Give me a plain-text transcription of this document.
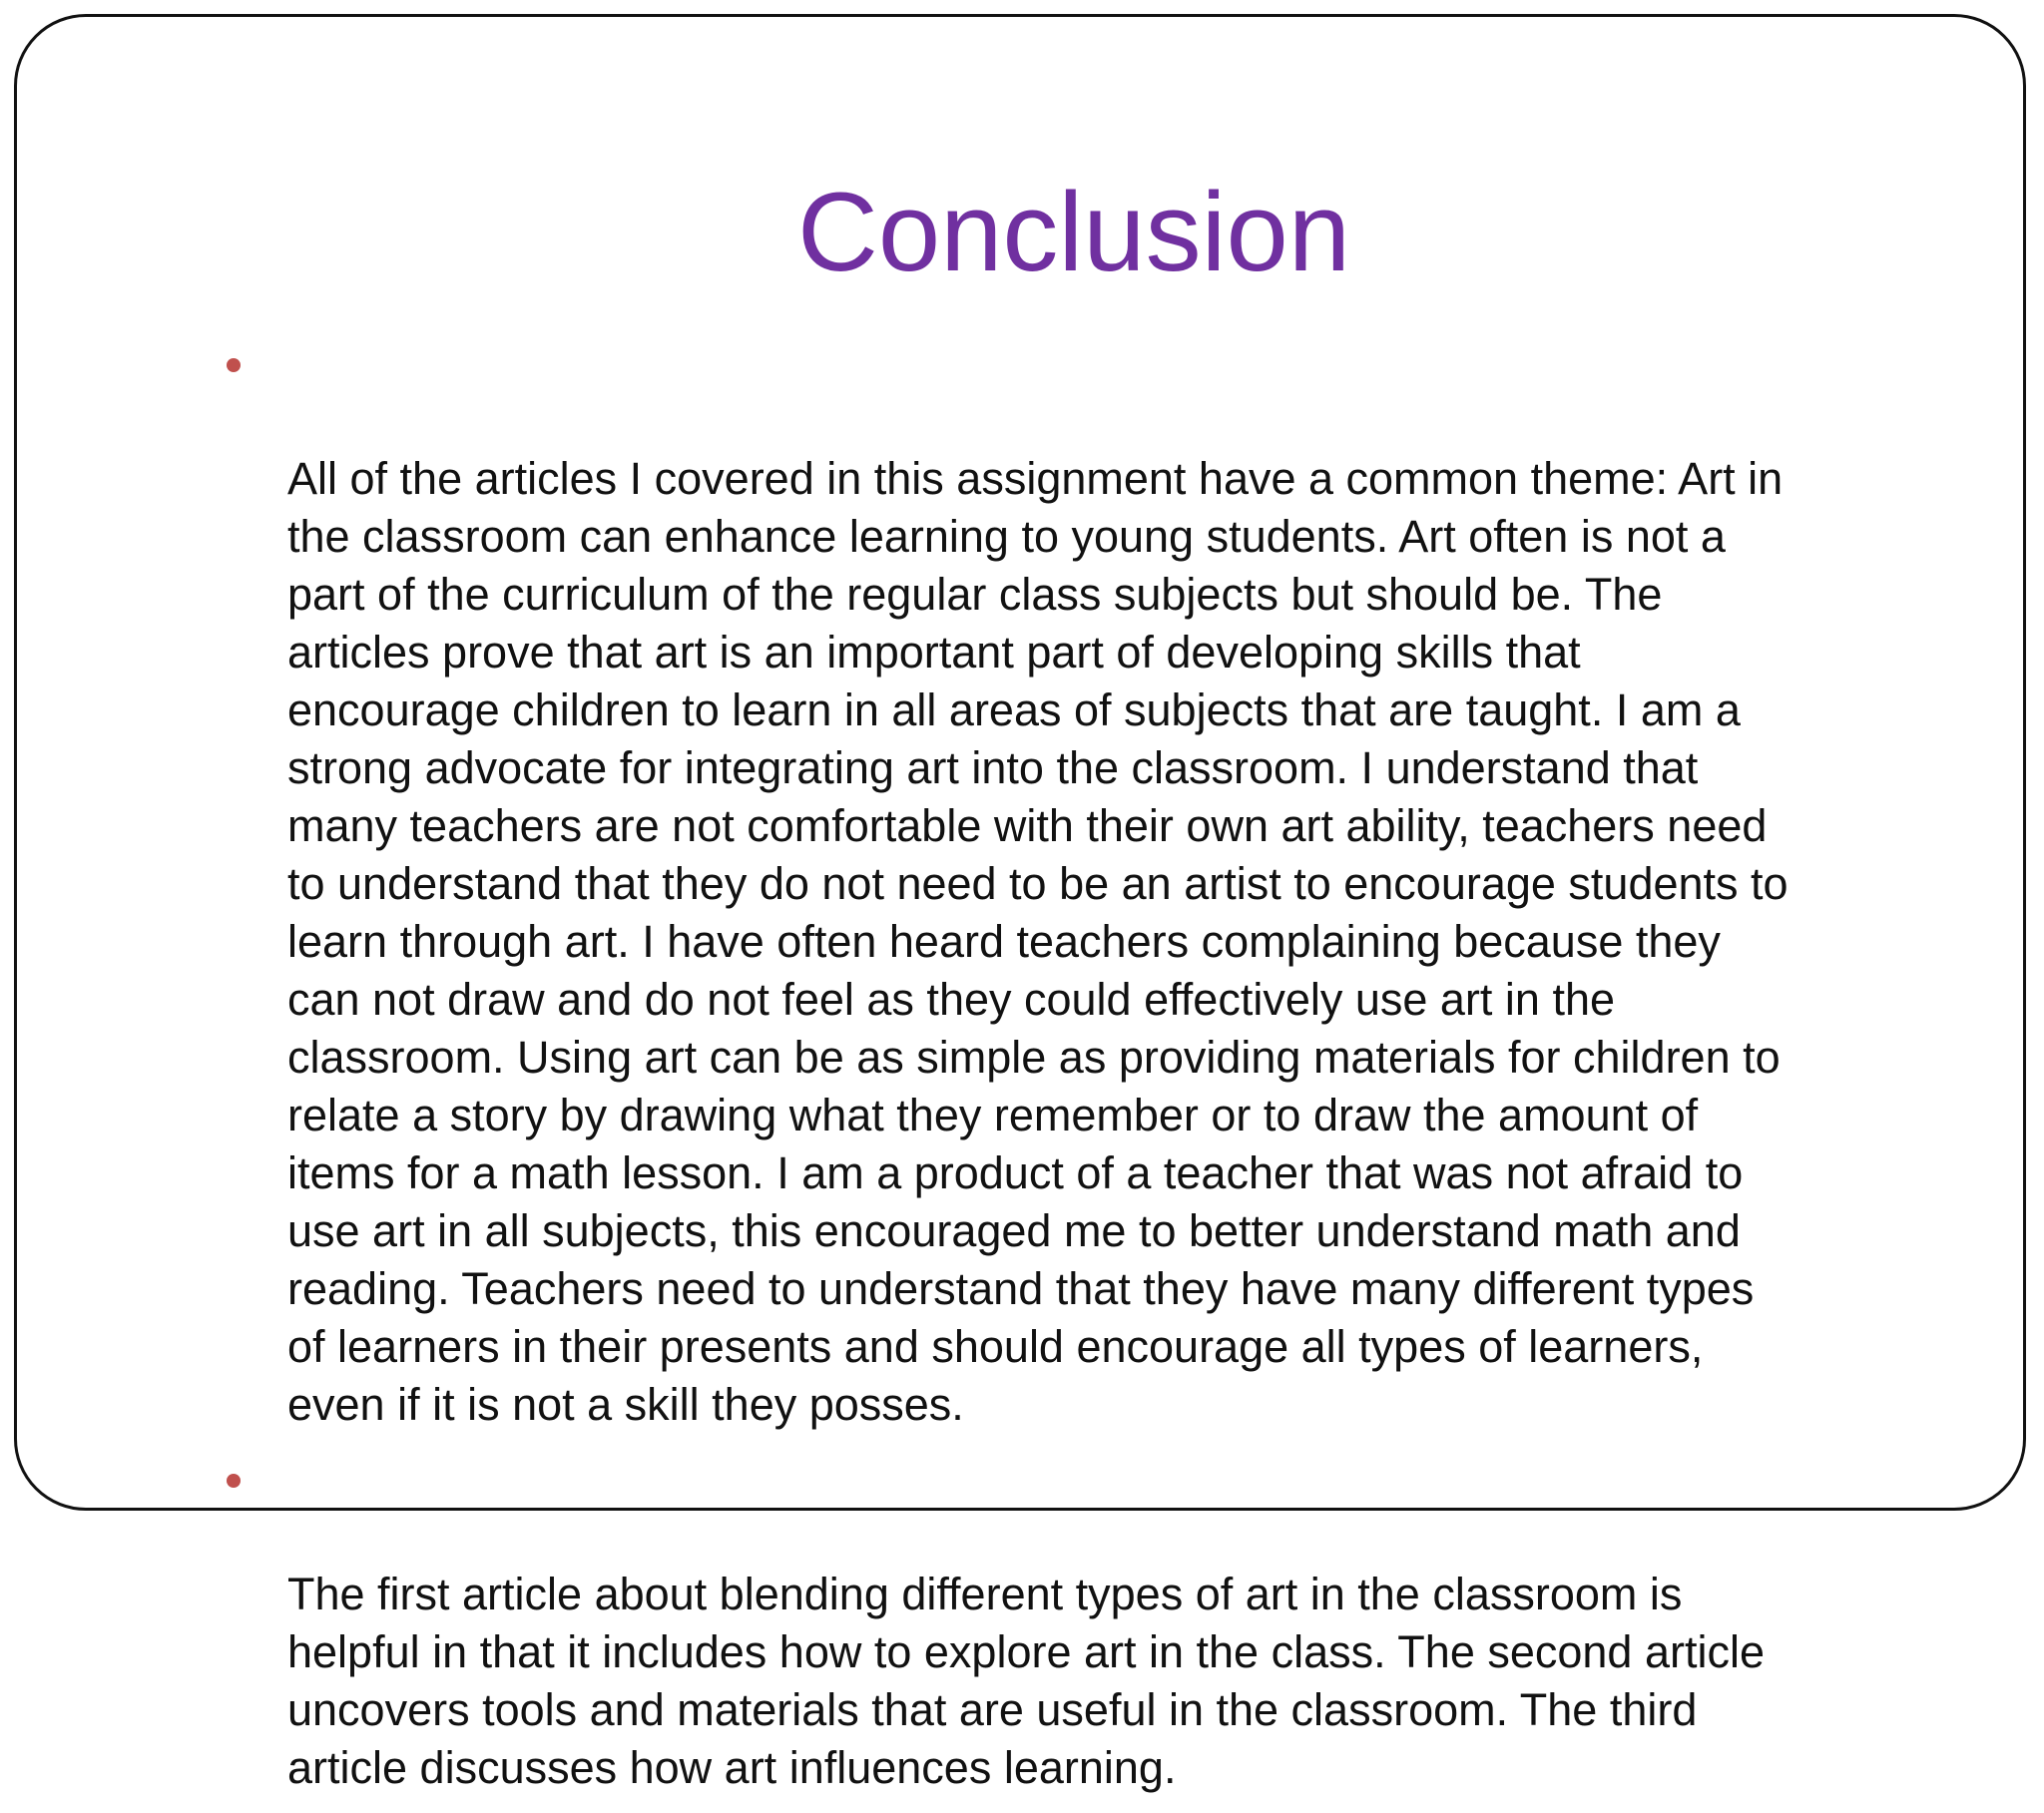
Conclusion

All of the articles I covered in this assignment have a common theme: Art in
the classroom can enhance learning to young students. Art often is not a
part of the curriculum of the regular class subjects but should be. The
articles prove that art is an important part of developing skills that
encourage children to learn in all areas of subjects that are taught. I am a
strong advocate for integrating art into the classroom. I understand that
many teachers are not comfortable with their own art ability, teachers need
to understand that they do not need to be an artist to encourage students to
learn through art. I have often heard teachers complaining because they
can not draw and do not feel as they could effectively use art in the
classroom. Using art can be as simple as providing materials for children to
relate a story by drawing what they remember or to draw the amount of
items for a math lesson. I am a product of a teacher that was not afraid to
use art in all subjects, this encouraged me to better understand math and
reading. Teachers need to understand that they have many different types
of learners in their presents and should encourage all types of learners,
even if it is not a skill they posses.

The first article about blending different types of art in the classroom is
helpful in that it includes how to explore art in the class. The second article
uncovers tools and materials that are useful in the classroom. The third
article discusses how art influences learning.
